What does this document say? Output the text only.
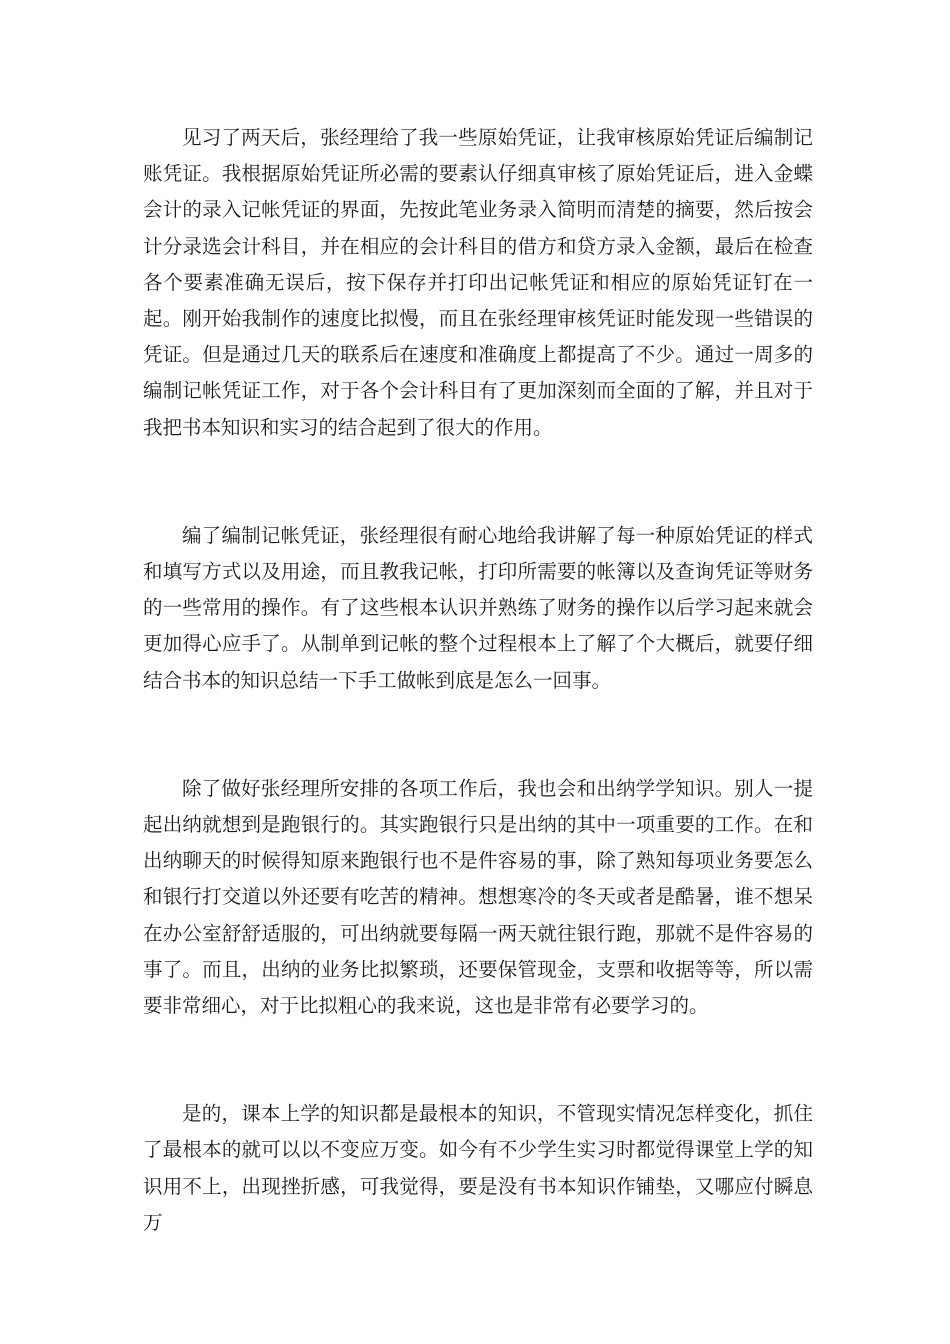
见习了两天后，张经理给了我一些原始凭证，让我审核原始凭证后编制记账凭证。我根据原始凭证所必需的要素认仔细真审核了原始凭证后，进入金蝶会计的录入记帐凭证的界面，先按此笔业务录入简明而清楚的摘要，然后按会计分录选会计科目，并在相应的会计科目的借方和贷方录入金额，最后在检查各个要素准确无误后，按下保存并打印出记帐凭证和相应的原始凭证钉在一起。刚开始我制作的速度比拟慢，而且在张经理审核凭证时能发现一些错误的凭证。但是通过几天的联系后在速度和准确度上都提高了不少。通过一周多的编制记帐凭证工作，对于各个会计科目有了更加深刻而全面的了解，并且对于我把书本知识和实习的结合起到了很大的作用。

编了编制记帐凭证，张经理很有耐心地给我讲解了每一种原始凭证的样式和填写方式以及用途，而且教我记帐，打印所需要的帐簿以及查询凭证等财务的一些常用的操作。有了这些根本认识并熟练了财务的操作以后学习起来就会更加得心应手了。从制单到记帐的整个过程根本上了解了个大概后，就要仔细结合书本的知识总结一下手工做帐到底是怎么一回事。

除了做好张经理所安排的各项工作后，我也会和出纳学学知识。别人一提起出纳就想到是跑银行的。其实跑银行只是出纳的其中一项重要的工作。在和出纳聊天的时候得知原来跑银行也不是件容易的事，除了熟知每项业务要怎么和银行打交道以外还要有吃苦的精神。想想寒冷的冬天或者是酷暑，谁不想呆在办公室舒舒适服的，可出纳就要每隔一两天就往银行跑，那就不是件容易的事了。而且，出纳的业务比拟繁琐，还要保管现金，支票和收据等等，所以需要非常细心，对于比拟粗心的我来说，这也是非常有必要学习的。

是的，课本上学的知识都是最根本的知识，不管现实情况怎样变化，抓住了最根本的就可以以不变应万变。如今有不少学生实习时都觉得课堂上学的知识用不上，出现挫折感，可我觉得，要是没有书本知识作铺垫，又哪应付瞬息万
